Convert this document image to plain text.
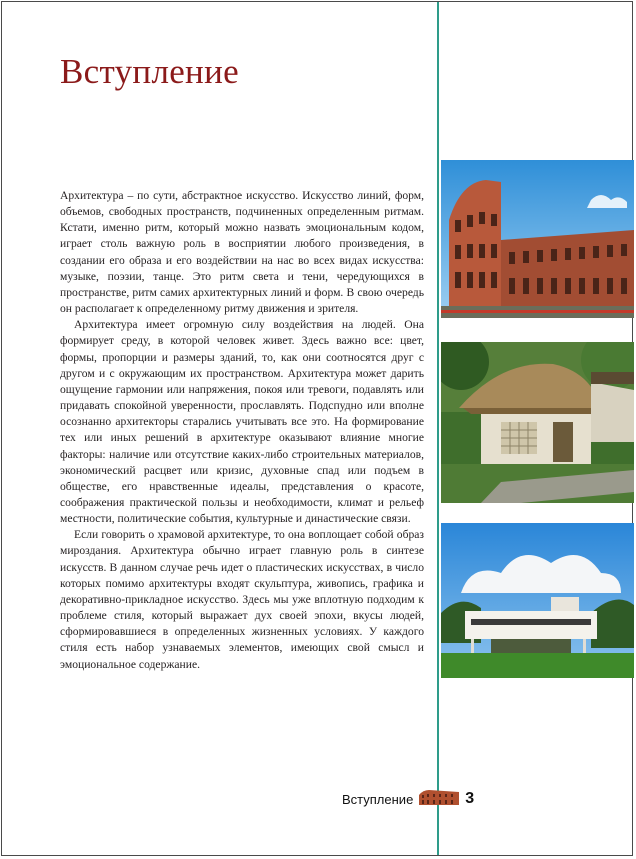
Вступление

Архитектура – по сути, абстрактное искусство. Искусство линий, форм, объемов, свободных пространств, подчиненных определенным ритмам. Кстати, именно ритм, который можно назвать эмоциональным кодом, играет столь важную роль в восприятии любого произведения, в создании его образа и его воздействии на нас во всех видах искусства: музыке, поэзии, танце. Это ритм света и тени, чередующихся в пространстве, ритм самих архитектурных линий и форм. В свою очередь он располагает к определенному ритму движения и зрителя.

Архитектура имеет огромную силу воздействия на людей. Она формирует среду, в которой человек живет. Здесь важно все: цвет, формы, пропорции и размеры зданий, то, как они соотносятся друг с другом и с окружающим их пространством. Архитектура может дарить ощущение гармонии или напряжения, покоя или тревоги, подавлять или придавать спокойной уверенности, прославлять. Подспудно или вполне осознанно архитекторы старались учитывать все это. На формирование тех или иных решений в архитектуре оказывают влияние многие факторы: наличие или отсутствие каких-либо строительных материалов, экономический расцвет или кризис, духовные спад или подъем в обществе, его нравственные идеалы, представления о красоте, соображения практической пользы и необходимости, климат и рельеф местности, политические события, культурные и династические связи.

Если говорить о храмовой архитектуре, то она воплощает собой образ мироздания. Архитектура обычно играет главную роль в синтезе искусств. В данном случае речь идет о пластических искусствах, в число которых помимо архитектуры входят скульптура, живопись, графика и декоративно-прикладное искусство. Здесь мы уже вплотную подходим к проблеме стиля, который выражает дух своей эпохи, вкусы людей, сформировавшиеся в определенных жизненных условиях. У каждого стиля есть набор узнаваемых элементов, имеющих свой смысл и эмоциональное содержание.

Вступление	3
